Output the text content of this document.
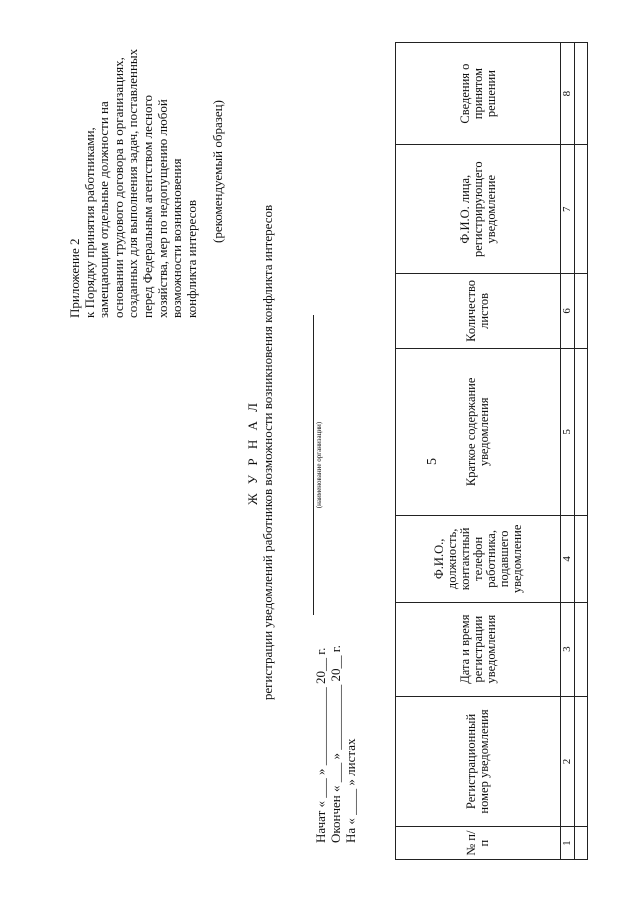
5
Приложение 2 к Порядку принятия работниками, замещающим отдельные должности на основании трудового договора в организациях, созданных для выполнения задач, поставленных перед Федеральным агентством лесного хозяйства, мер по недопущению любой возможности возникновения конфликта интересов
(рекомендуемый образец)
Ж У Р Н А Л регистрации уведомлений работников возможности возникновения конфликта интересов	(наименование организации)
Начат « ___ » ____________ 20__ г. Окончен « ___ » __________ 20__ г. На « ____ » листах
№ п/п	Регистрационный номер уведомления	Дата и время регистрации уведомления	Ф.И.О., должность, контактный телефон работника, подавшего уведомление	Краткое содержание уведомления	Количество листов	Ф.И.О. лица, регистрирующего уведомление	Сведения о принятом решении
1	2	3	4	5	6	7	8
